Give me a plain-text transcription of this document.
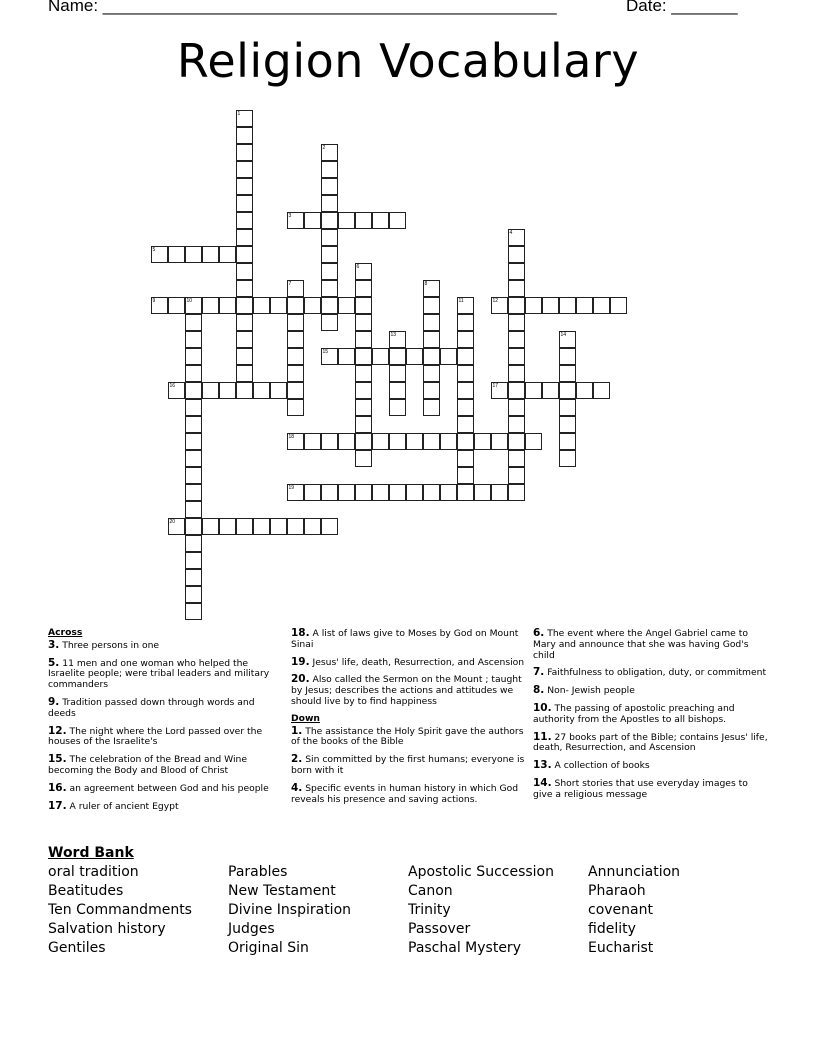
Name: ________________________________________________	Date: _______
Religion Vocabulary
1
2
3
4
5
6
7	8
9	10	11	12
13	14
15
16	17
18
19
20
Across
3. Three persons in one
5. 11 men and one woman who helped the Israelite people; were tribal leaders and military commanders
9. Tradition passed down through words and deeds
12. The night where the Lord passed over the houses of the Israelite's
15. The celebration of the Bread and Wine becoming the Body and Blood of Christ
16. an agreement between God and his people
17. A ruler of ancient Egypt
18. A list of laws give to Moses by God on Mount Sinai
19. Jesus' life, death, Resurrection, and Ascension
20. Also called the Sermon on the Mount ; taught by Jesus; describes the actions and attitudes we should live by to find happiness
Down
1. The assistance the Holy Spirit gave the authors of the books of the Bible
2. Sin committed by the first humans; everyone is born with it
4. Specific events in human history in which God reveals his presence and saving actions.
6. The event where the Angel Gabriel came to Mary and announce that she was having God's child
7. Faithfulness to obligation, duty, or commitment
8. Non- Jewish people
10. The passing of apostolic preaching and authority from the Apostles to all bishops.
11. 27 books part of the Bible; contains Jesus' life, death, Resurrection, and Ascension
13. A collection of books
14. Short stories that use everyday images to give a religious message
Word Bank
oral tradition
Beatitudes
Ten Commandments
Salvation history
Gentiles
Parables
New Testament
Divine Inspiration
Judges
Original Sin
Apostolic Succession
Canon
Trinity
Passover
Paschal Mystery
Annunciation
Pharaoh
covenant
fidelity
Eucharist
